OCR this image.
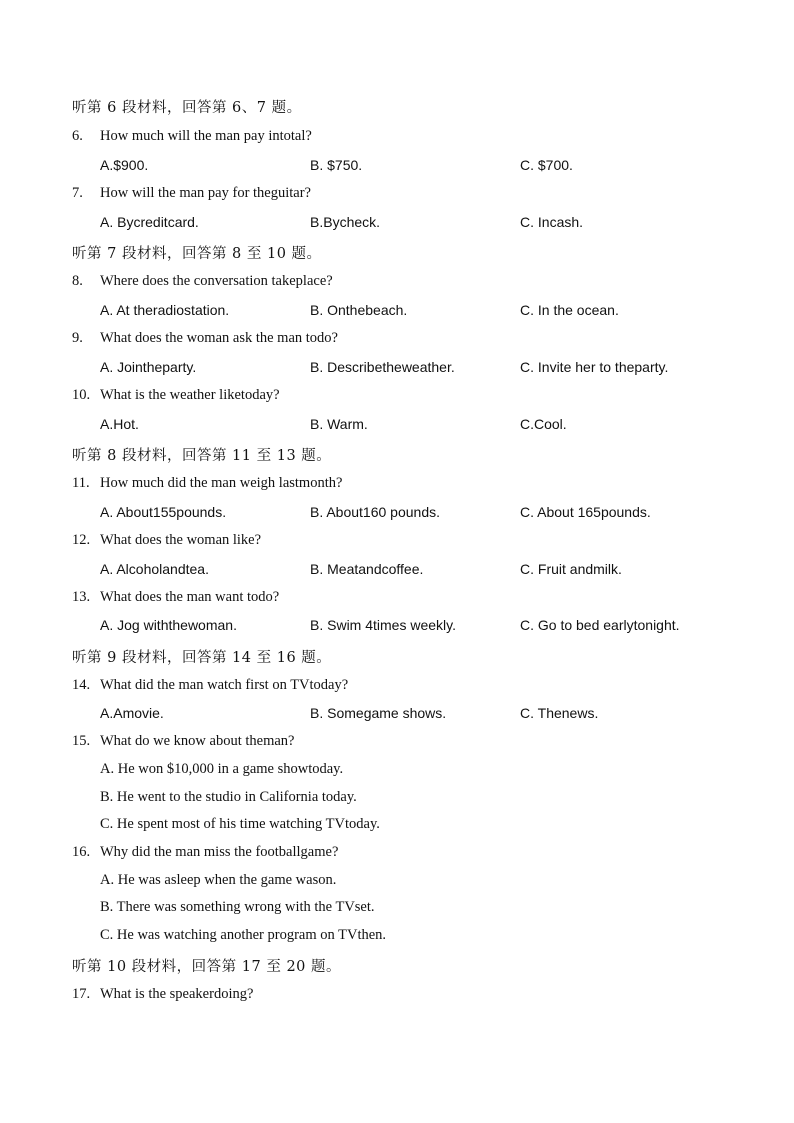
听第 6 段材料，回答第 6、7 题。
6. How much will the man pay intotal?
A.$900.	B. $750.	C. $700.
7. How will the man pay for theguitar?
A. Bycreditcard.	B.Bycheck.	C. Incash.
听第 7 段材料，回答第 8 至 10 题。
8. Where does the conversation takeplace?
A. At theradiostation.	B. Onthebeach.	C. In the ocean.
9. What does the woman ask the man todo?
A. Jointheparty.	B. Describetheweather.	C. Invite her to theparty.
10. What is the weather liketoday?
A.Hot.	B. Warm.	C.Cool.
听第 8 段材料，回答第 11 至 13 题。
11. How much did the man weigh lastmonth?
A. About155pounds.	B. About160 pounds.	C. About 165pounds.
12. What does the woman like?
A. Alcoholandtea.	B. Meatandcoffee.	C. Fruit andmilk.
13. What does the man want todo?
A. Jog withthewoman.	B. Swim 4times weekly.	C. Go to bed earlytonight.
听第 9 段材料，回答第 14 至 16 题。
14. What did the man watch first on TVtoday?
A.Amovie.	B. Somegame shows.	C. Thenews.
15. What do we know about theman?
A. He won $10,000 in a game showtoday.
B. He went to the studio in California today.
C. He spent most of his time watching TVtoday.
16. Why did the man miss the footballgame?
A. He was asleep when the game wason.
B. There was something wrong with the TVset.
C. He was watching another program on TVthen.
听第 10 段材料，回答第 17 至 20 题。
17. What is the speakerdoing?
